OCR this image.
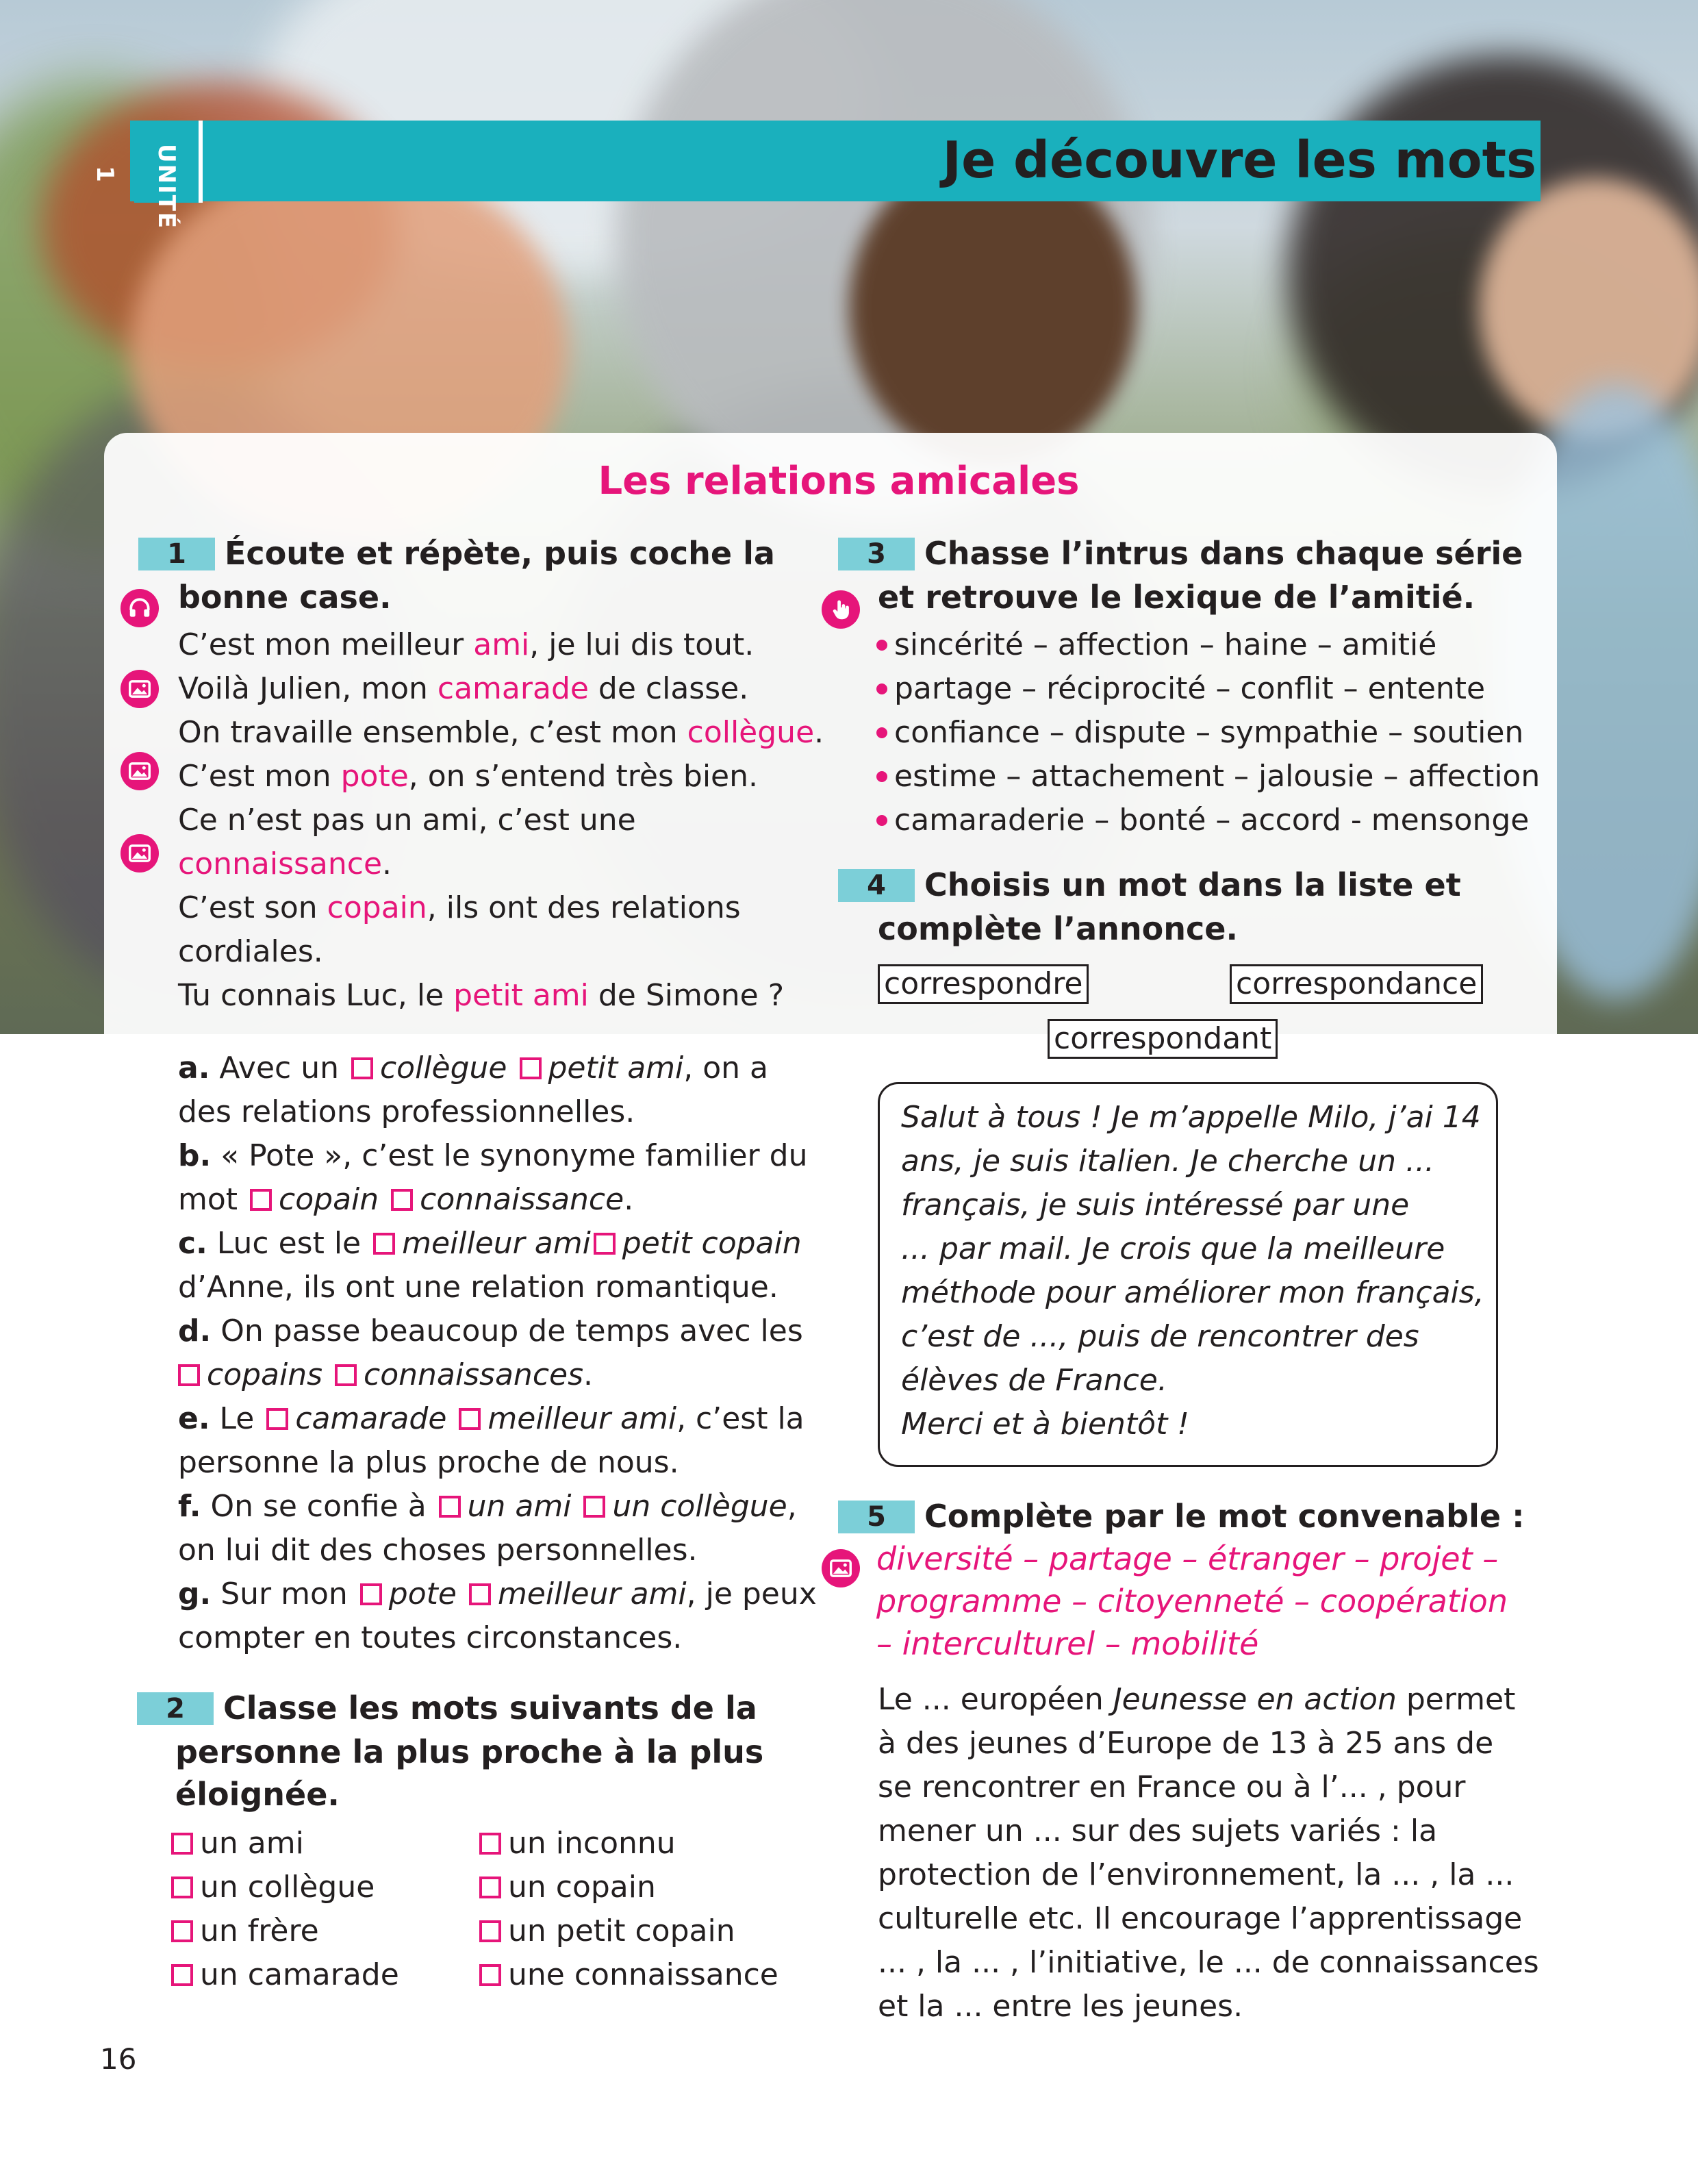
UNITÉ 1	Je découvre les mots
Les relations amicales
1 Écoute et répète, puis coche la
bonne case.
C’est mon meilleur ami, je lui dis tout.
Voilà Julien, mon camarade de classe.
On travaille ensemble, c’est mon collègue.
C’est mon pote, on s’entend très bien.
Ce n’est pas un ami, c’est une
connaissance.
C’est son copain, ils ont des relations
cordiales.
Tu connais Luc, le petit ami de Simone ?
a. Avec un collègue petit ami, on a
des relations professionnelles.
b. « Pote », c’est le synonyme familier du
mot copain connaissance.
c. Luc est le meilleur ami petit copain
d’Anne, ils ont une relation romantique.
d. On passe beaucoup de temps avec les
copains connaissances.
e. Le camarade meilleur ami, c’est la
personne la plus proche de nous.
f. On se confie à un ami un collègue,
on lui dit des choses personnelles.
g. Sur mon pote meilleur ami, je peux
compter en toutes circonstances.
2 Classe les mots suivants de la
personne la plus proche à la plus
éloignée.
un ami
un collègue
un frère
un camarade
un inconnu
un copain
un petit copain
une connaissance
3 Chasse l’intrus dans chaque série
et retrouve le lexique de l’amitié.
sincérité – affection – haine – amitié
partage – réciprocité – conflit – entente
confiance – dispute – sympathie – soutien
estime – attachement – jalousie – affection
camaraderie – bonté – accord - mensonge
4 Choisis un mot dans la liste et
complète l’annonce.
correspondre	correspondance
correspondant
Salut à tous ! Je m’appelle Milo, j’ai 14
ans, je suis italien. Je cherche un ...
français, je suis intéressé par une
... par mail. Je crois que la meilleure
méthode pour améliorer mon français,
c’est de ..., puis de rencontrer des
élèves de France.
Merci et à bientôt !
5 Complète par le mot convenable :
diversité – partage – étranger – projet –
programme – citoyenneté – coopération
– interculturel – mobilité
Le ... européen Jeunesse en action permet
à des jeunes d’Europe de 13 à 25 ans de
se rencontrer en France ou à l’... , pour
mener un ... sur des sujets variés : la
protection de l’environnement, la ... , la ...
culturelle etc. Il encourage l’apprentissage
... , la ... , l’initiative, le ... de connaissances
et la ... entre les jeunes.
16
